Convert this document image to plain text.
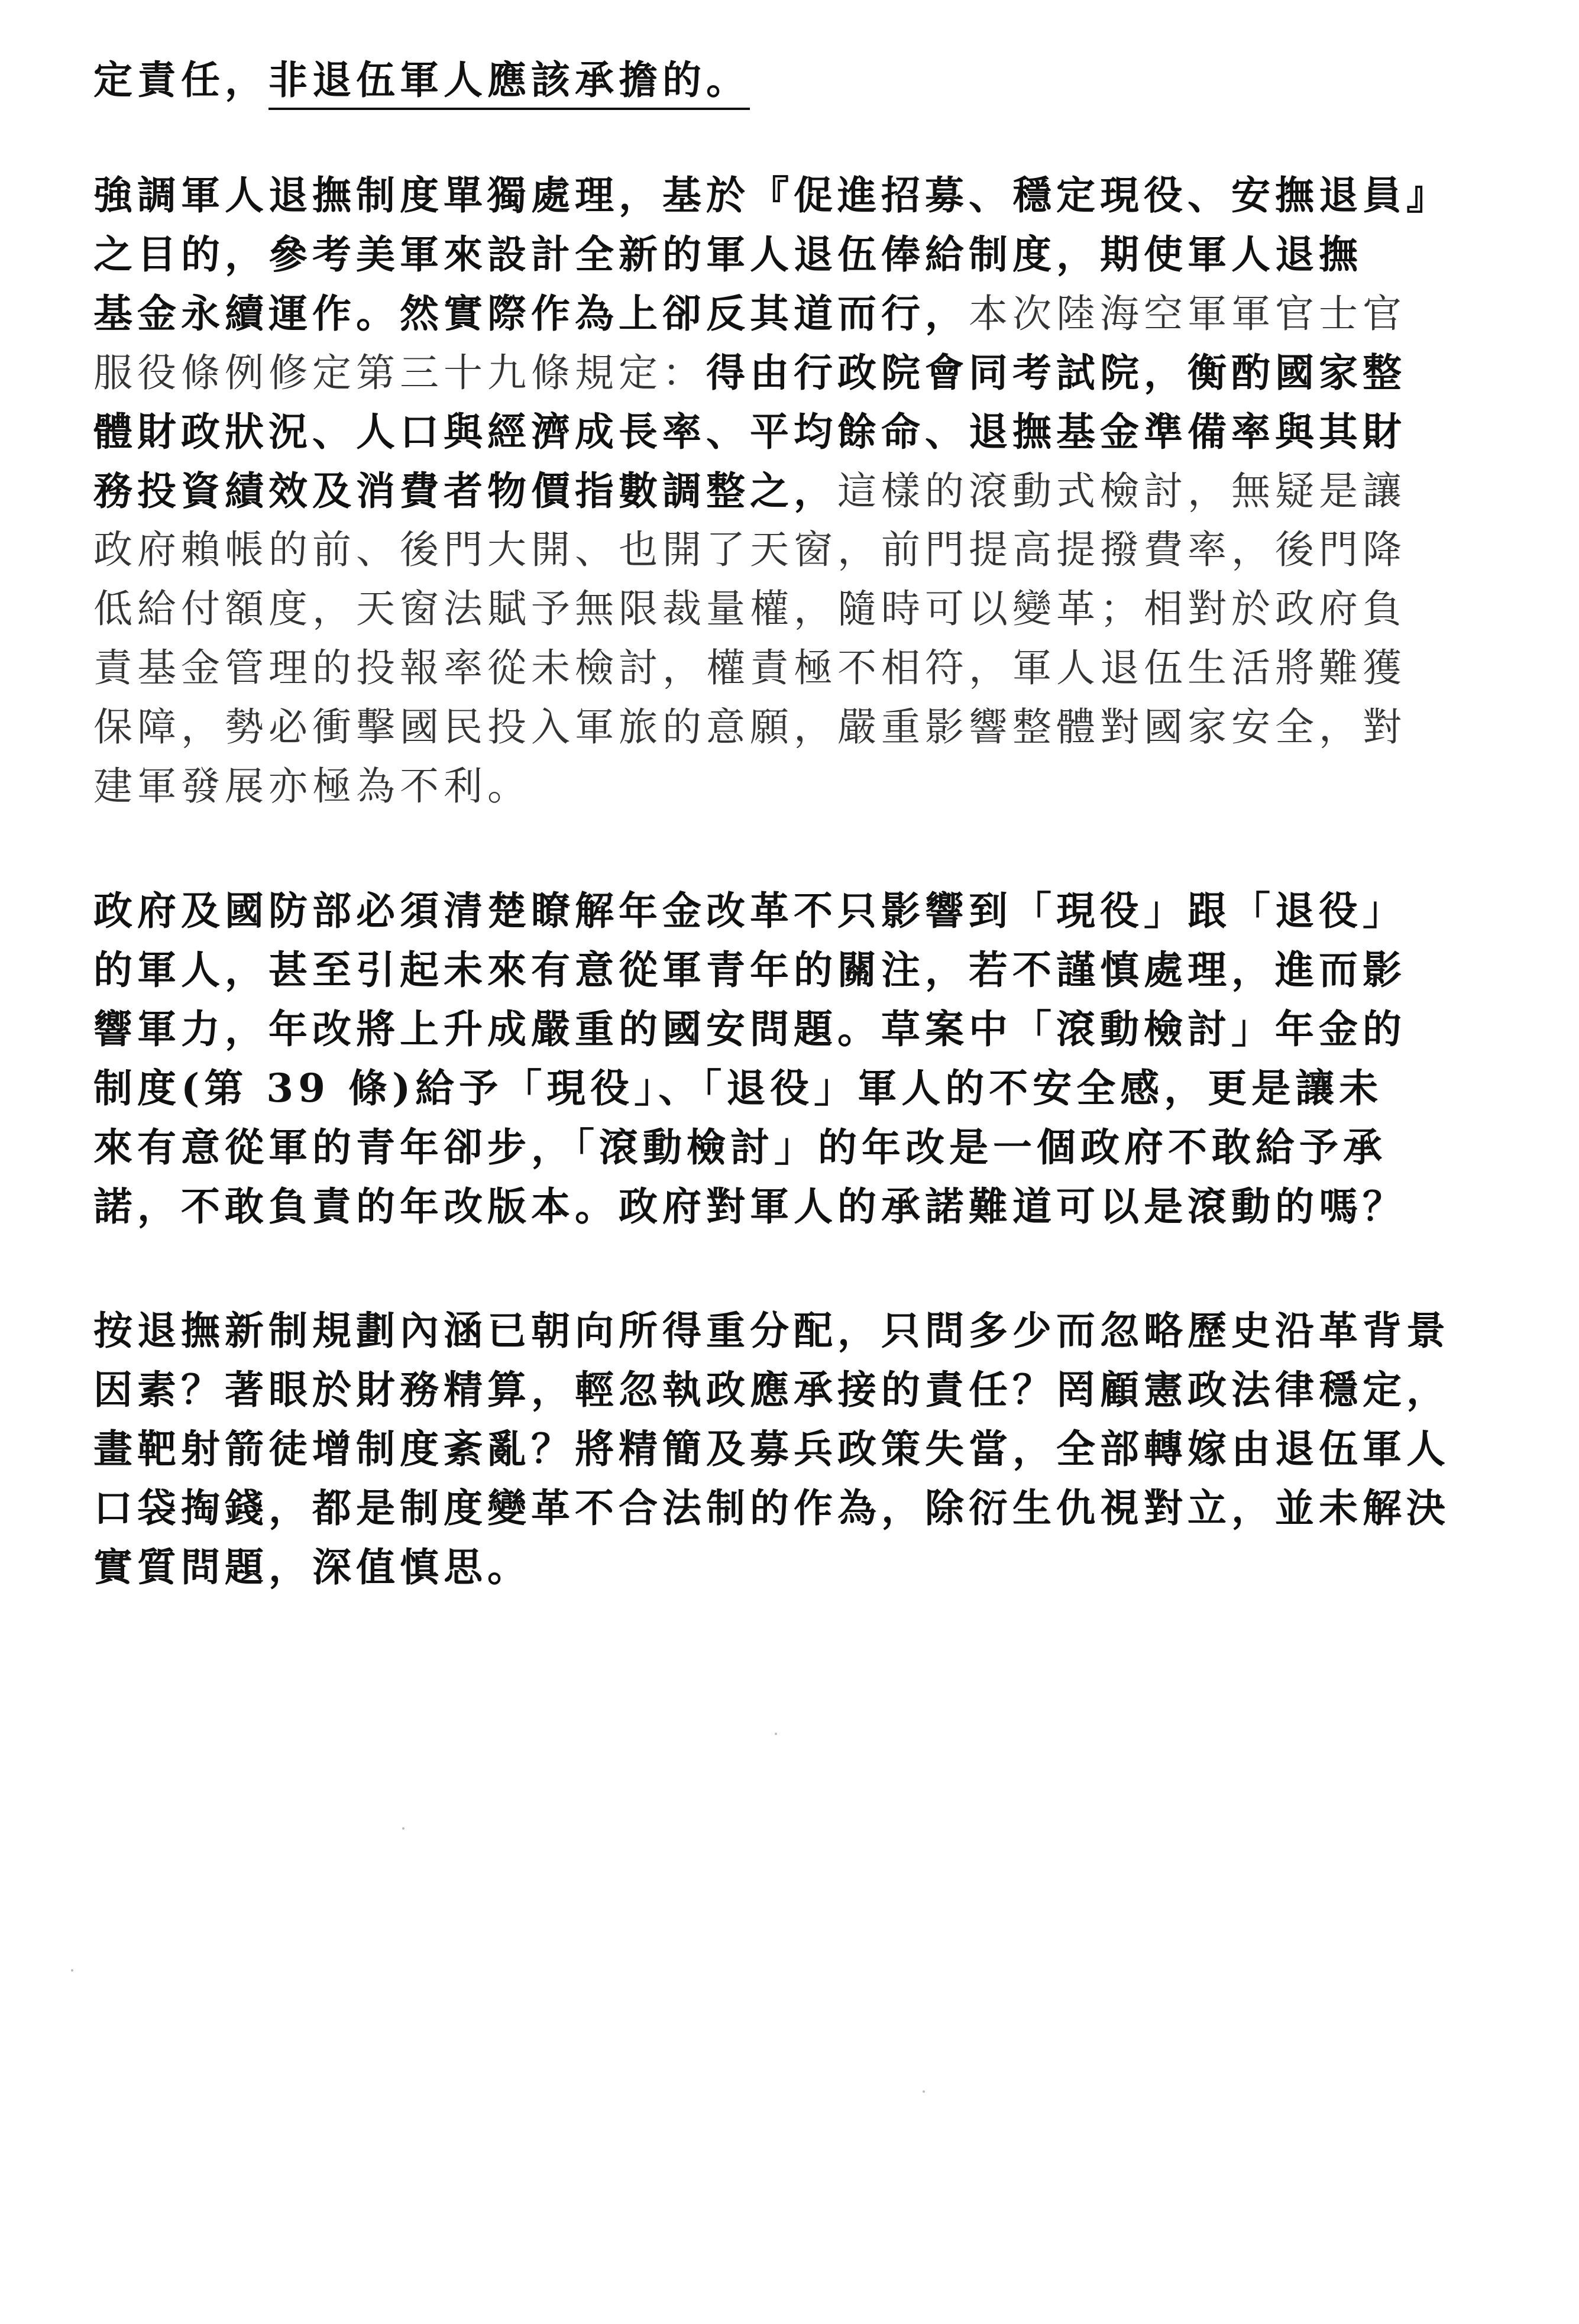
定責任，非退伍軍人應該承擔的。
強調軍人退撫制度單獨處理，基於『促進招募、穩定現役、安撫退員』
之目的，參考美軍來設計全新的軍人退伍俸給制度，期使軍人退撫
基金永續運作。然實際作為上卻反其道而行，本次陸海空軍軍官士官
服役條例修定第三十九條規定：得由行政院會同考試院，衡酌國家整
體財政狀況、人口與經濟成長率、平均餘命、退撫基金準備率與其財
務投資績效及消費者物價指數調整之，這樣的滾動式檢討，無疑是讓
政府賴帳的前、後門大開、也開了天窗，前門提高提撥費率，後門降
低給付額度，天窗法賦予無限裁量權，隨時可以變革；相對於政府負
責基金管理的投報率從未檢討，權責極不相符，軍人退伍生活將難獲
保障，勢必衝擊國民投入軍旅的意願，嚴重影響整體對國家安全，對
建軍發展亦極為不利。
政府及國防部必須清楚瞭解年金改革不只影響到「現役」跟「退役」
的軍人，甚至引起未來有意從軍青年的關注，若不謹慎處理，進而影
響軍力，年改將上升成嚴重的國安問題。草案中「滾動檢討」年金的
制度(第 39 條)給予「現役」、「退役」軍人的不安全感，更是讓未
來有意從軍的青年卻步，「滾動檢討」的年改是一個政府不敢給予承
諾，不敢負責的年改版本。政府對軍人的承諾難道可以是滾動的嗎？
按退撫新制規劃內涵已朝向所得重分配，只問多少而忽略歷史沿革背景
因素？著眼於財務精算，輕忽執政應承接的責任？罔顧憲政法律穩定，
畫靶射箭徒增制度紊亂？將精簡及募兵政策失當，全部轉嫁由退伍軍人
口袋掏錢，都是制度變革不合法制的作為，除衍生仇視對立，並未解決
實質問題，深值慎思。
